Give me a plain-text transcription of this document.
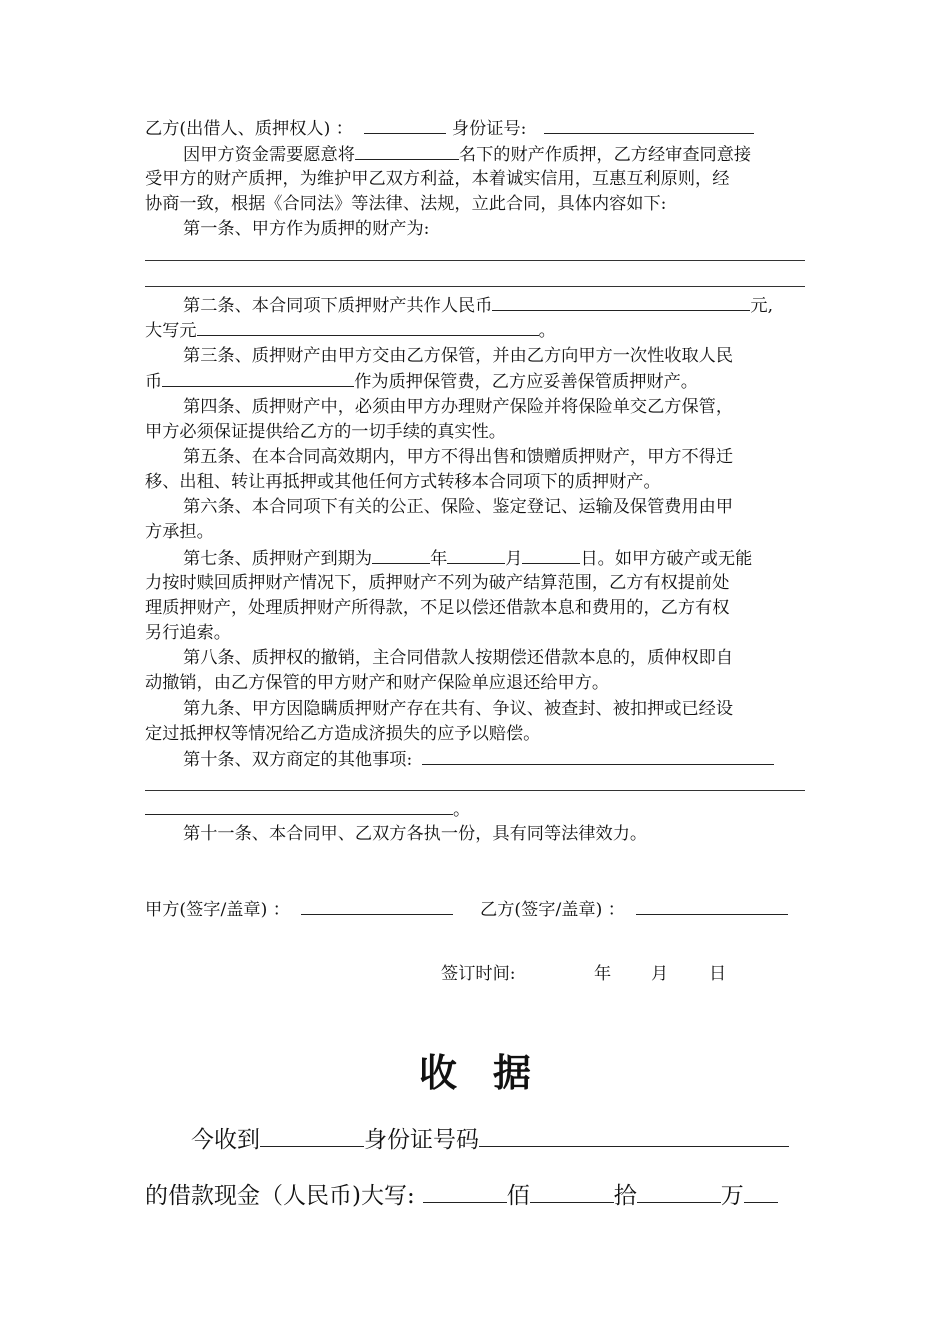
乙方(出借人、质押权人) ：	身份证号:
因甲方资金需要愿意将	名下的财产作质押，乙方经审查同意接
受甲方的财产质押，为维护甲乙双方利益，本着诚实信用，互惠互利原则，经
协商一致，根据《合同法》等法律、法规，立此合同，具体内容如下:
第一条、甲方作为质押的财产为:
第二条、本合同项下质押财产共作人民币	元,
大写元	。
第三条、质押财产由甲方交由乙方保管，并由乙方向甲方一次性收取人民
币	作为质押保管费，乙方应妥善保管质押财产。
第四条、质押财产中，必须由甲方办理财产保险并将保险单交乙方保管，
甲方必须保证提供给乙方的一切手续的真实性。
第五条、在本合同高效期内，甲方不得出售和馈赠质押财产，甲方不得迁
移、出租、转让再抵押或其他任何方式转移本合同项下的质押财产。
第六条、本合同项下有关的公正、保险、鉴定登记、运输及保管费用由甲
方承担。
第七条、质押财产到期为	年	月	日。如甲方破产或无能
力按时赎回质押财产情况下，质押财产不列为破产结算范围，乙方有权提前处
理质押财产，处理质押财产所得款，不足以偿还借款本息和费用的，乙方有权
另行追索。
第八条、质押权的撤销，主合同借款人按期偿还借款本息的，质伸权即自
动撤销，由乙方保管的甲方财产和财产保险单应退还给甲方。
第九条、甲方因隐瞒质押财产存在共有、争议、被查封、被扣押或已经设
定过抵押权等情况给乙方造成济损失的应予以赔偿。
第十条、双方商定的其他事项:
。
第十一条、本合同甲、乙双方各执一份，具有同等法律效力。
甲方(签字/盖章) ：	乙方(签字/盖章) ：
签订时间:	年 月 日
收据
今收到	身份证号码
的借款现金（人民币)大写:	佰	拾	万
